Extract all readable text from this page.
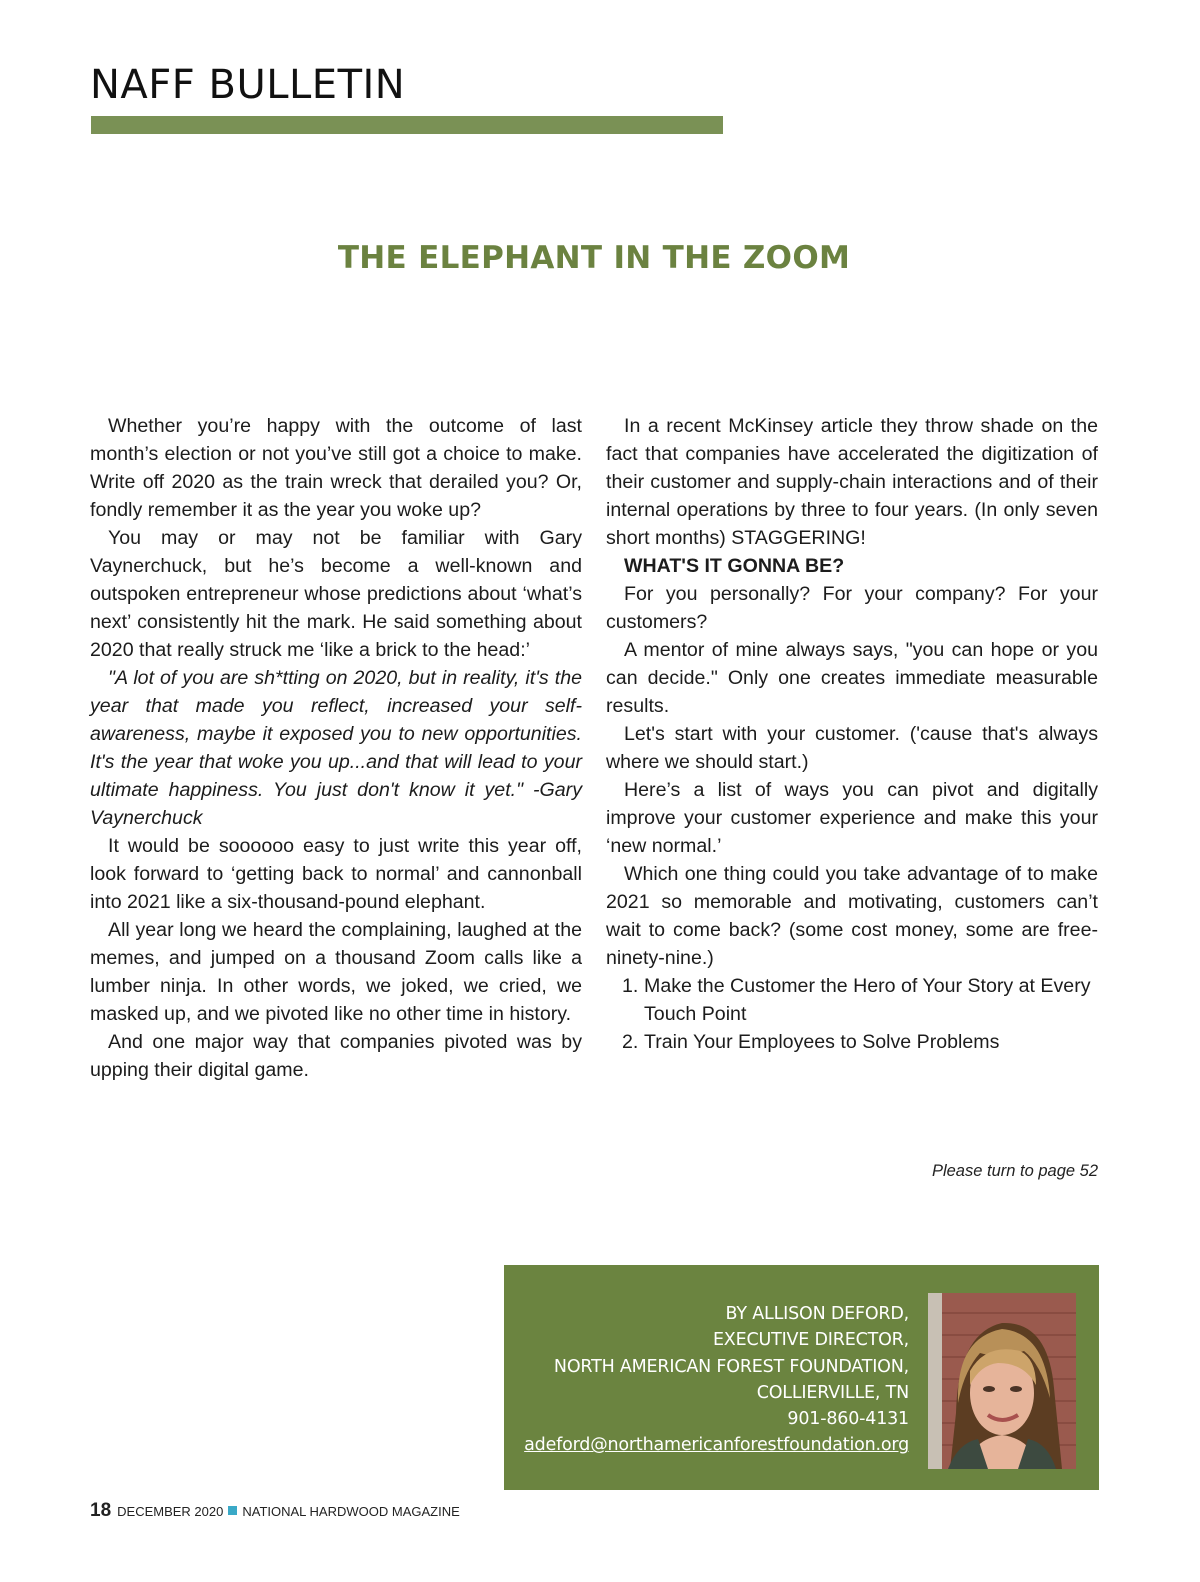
NAFF BULLETIN
THE ELEPHANT IN THE ZOOM

Whether you’re happy with the outcome of last month’s election or not you’ve still got a choice to make. Write off 2020 as the train wreck that derailed you? Or, fondly remember it as the year you woke up?

You may or may not be familiar with Gary Vaynerchuck, but he’s become a well-known and outspoken entrepreneur whose predictions about ‘what’s next’ consistently hit the mark. He said something about 2020 that really struck me ‘like a brick to the head:’

"A lot of you are sh*tting on 2020, but in reality, it's the year that made you reflect, increased your self-awareness, maybe it exposed you to new opportunities. It's the year that woke you up...and that will lead to your ultimate happiness. You just don't know it yet." -Gary Vaynerchuck

It would be soooooo easy to just write this year off, look forward to ‘getting back to normal’ and cannonball into 2021 like a six-thousand-pound elephant.

All year long we heard the complaining, laughed at the memes, and jumped on a thousand Zoom calls like a lumber ninja. In other words, we joked, we cried, we masked up, and we pivoted like no other time in history.

And one major way that companies pivoted was by upping their digital game.

In a recent McKinsey article they throw shade on the fact that companies have accelerated the digitization of their customer and supply-chain interactions and of their internal operations by three to four years. (In only seven short months) STAGGERING!

WHAT'S IT GONNA BE?

For you personally? For your company? For your customers?

A mentor of mine always says, "you can hope or you can decide." Only one creates immediate measurable results.

Let's start with your customer. ('cause that's always where we should start.)

Here’s a list of ways you can pivot and digitally improve your customer experience and make this your ‘new normal.’

Which one thing could you take advantage of to make 2021 so memorable and motivating, customers can’t wait to come back? (some cost money, some are free-ninety-nine.)

1. Make the Customer the Hero of Your Story at Every Touch Point
2. Train Your Employees to Solve Problems
Please turn to page 52
BY ALLISON DEFORD,
EXECUTIVE DIRECTOR,
NORTH AMERICAN FOREST FOUNDATION,
COLLIERVILLE, TN
901-860-4131
adeford@northamericanforestfoundation.org
18 DECEMBER 2020 NATIONAL HARDWOOD MAGAZINE
